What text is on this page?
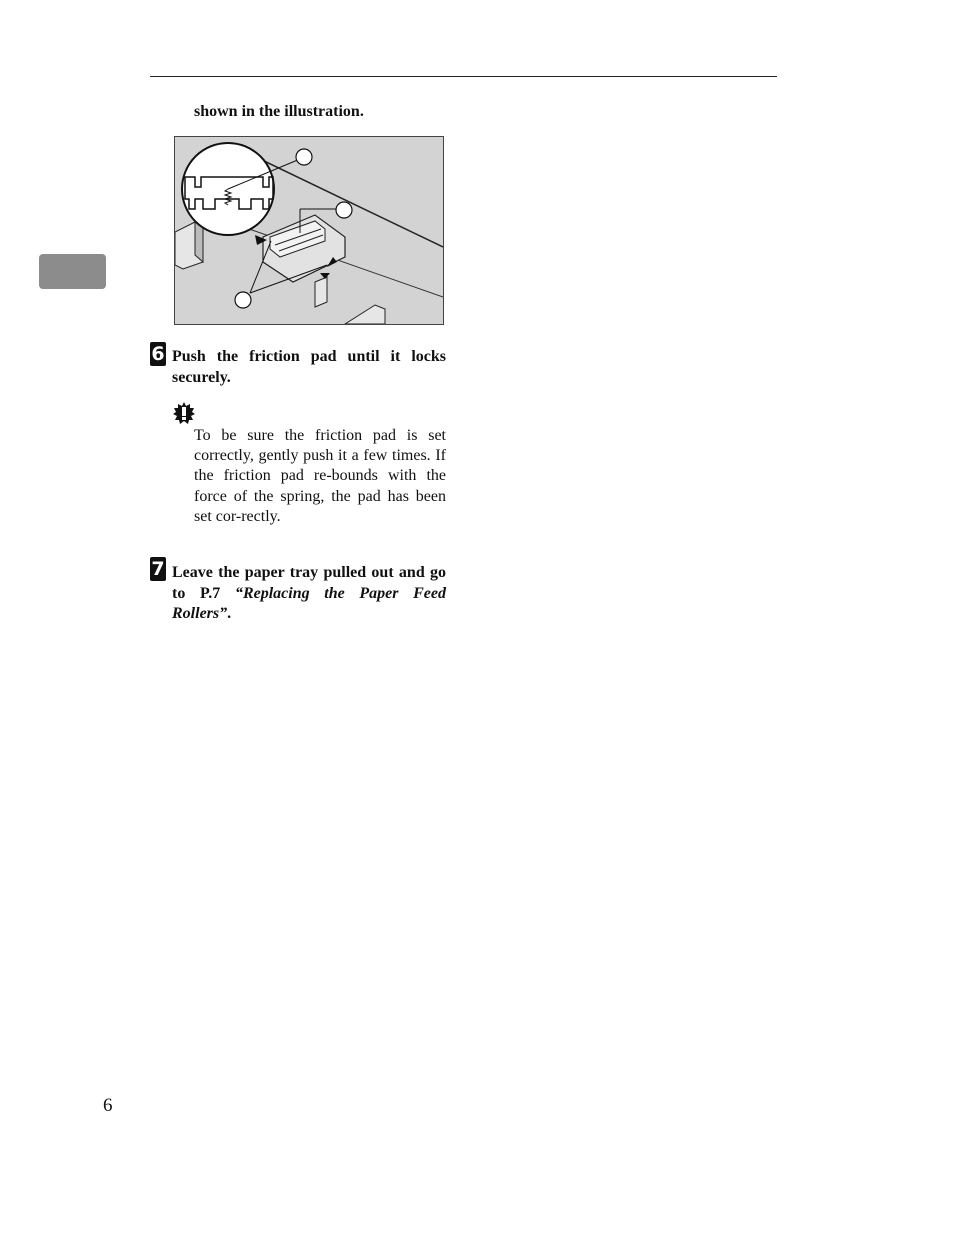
shown in the illustration.
6 Push the friction pad until it locks securely.
To be sure the friction pad is set correctly, gently push it a few times. If the friction pad re-bounds with the force of the spring, the pad has been set cor-rectly.
7 Leave the paper tray pulled out and go to P.7 “Replacing the Paper Feed Rollers”.
6
